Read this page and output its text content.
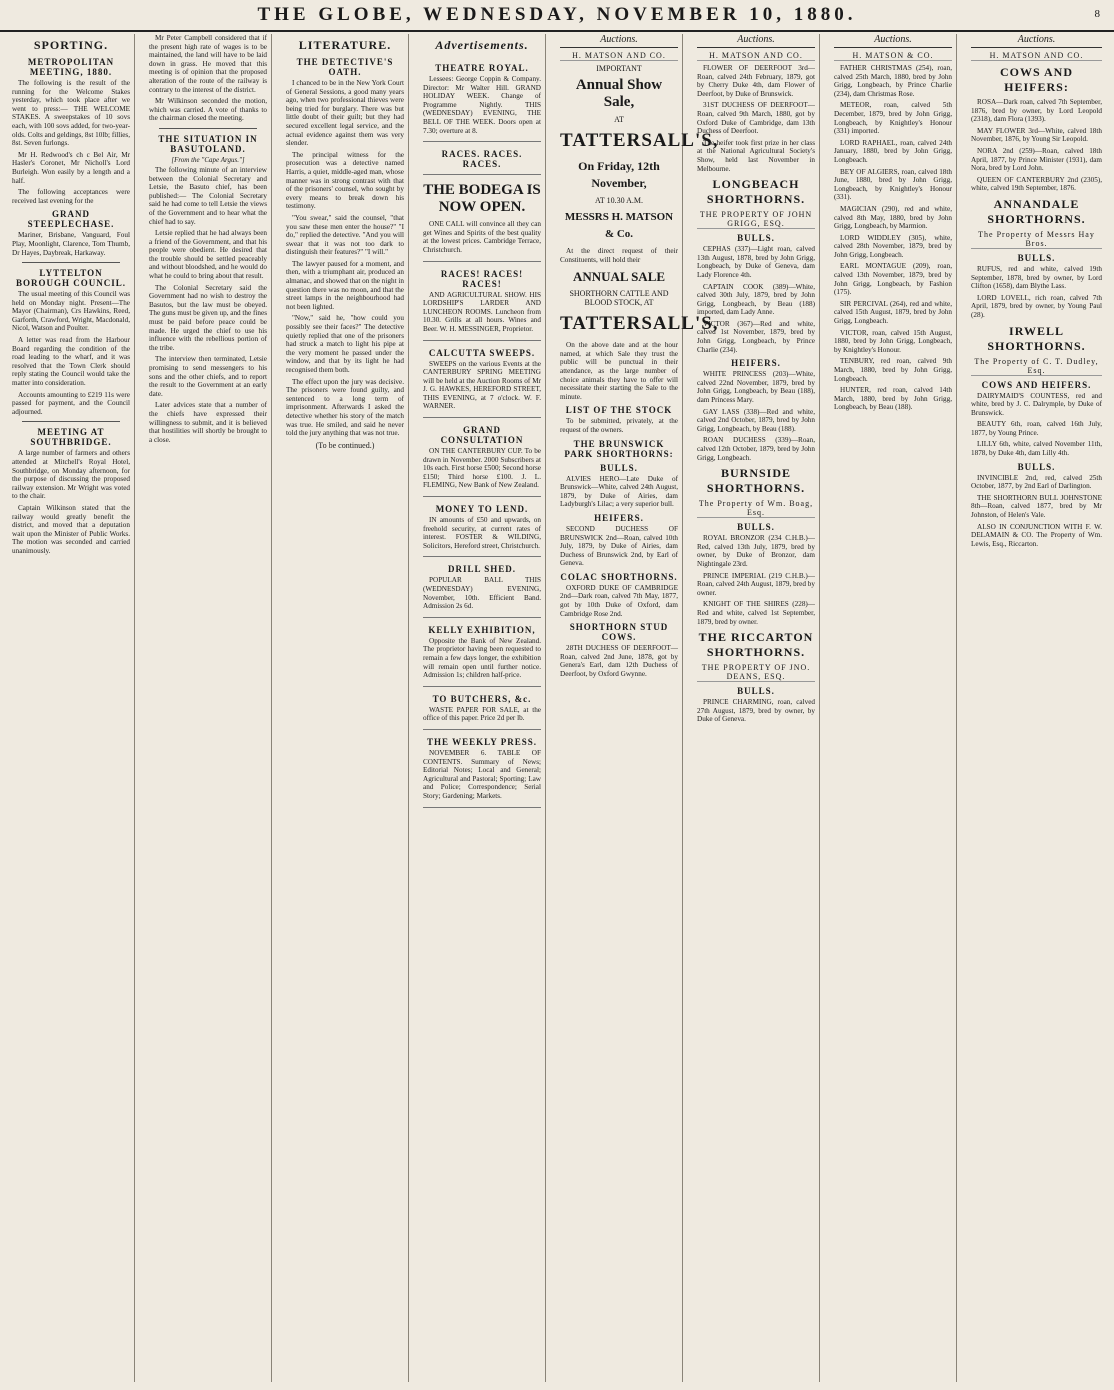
THE GLOBE, WEDNESDAY, NOVEMBER 10, 1880.	8
SPORTING.
METROPOLITAN MEETING, 1880.

The following is the result of the running for the Welcome Stakes yesterday, which took place after we went to press:— THE WELCOME STAKES. A sweepstakes of 10 sovs each, with 100 sovs added, for two-year-olds. Colts and geldings, 8st 10lb; fillies, 8st. Seven furlongs.

Mr H. Redwood's ch c Bel Air, Mr Hasler's Coronet, Mr Nicholl's Lord Burleigh. Won easily by a length and a half.

The following acceptances were received last evening for the

GRAND STEEPLECHASE.

Mariner, Brisbane, Vanguard, Foul Play, Moonlight, Clarence, Tom Thumb, Dr Hayes, Daybreak, Harkaway.

LYTTELTON BOROUGH COUNCIL.

The usual meeting of this Council was held on Monday night. Present—The Mayor (Chairman), Crs Hawkins, Reed, Garforth, Crawford, Wright, Macdonald, Nicol, Watson and Poulter.

A letter was read from the Harbour Board regarding the condition of the road leading to the wharf, and it was resolved that the Town Clerk should reply stating the Council would take the matter into consideration.

Accounts amounting to £219 11s were passed for payment, and the Council adjourned.

MEETING AT SOUTHBRIDGE.

A large number of farmers and others attended at Mitchell's Royal Hotel, Southbridge, on Monday afternoon, for the purpose of discussing the proposed railway extension. Mr Wright was voted to the chair.

Captain Wilkinson stated that the railway would greatly benefit the district, and moved that a deputation wait upon the Minister of Public Works. The motion was seconded and carried unanimously.

Mr Peter Campbell considered that if the present high rate of wages is to be maintained, the land will have to be laid down in grass. He moved that this meeting is of opinion that the proposed alteration of the route of the railway is contrary to the interest of the district.

Mr Wilkinson seconded the motion, which was carried. A vote of thanks to the chairman closed the meeting.

THE SITUATION IN BASUTOLAND.
[From the "Cape Argus."]

The following minute of an interview between the Colonial Secretary and Letsie, the Basuto chief, has been published:— The Colonial Secretary said he had come to tell Letsie the views of the Government and to hear what the chief had to say.

Letsie replied that he had always been a friend of the Government, and that his people were obedient. He desired that the trouble should be settled peaceably and without bloodshed, and he would do what he could to bring about that result.

The Colonial Secretary said the Government had no wish to destroy the Basutos, but the law must be obeyed. The guns must be given up, and the fines must be paid before peace could be made. He urged the chief to use his influence with the rebellious portion of the tribe.

The interview then terminated, Letsie promising to send messengers to his sons and the other chiefs, and to report the result to the Government at an early date.

Later advices state that a number of the chiefs have expressed their willingness to submit, and it is believed that hostilities will shortly be brought to a close.

LITERATURE.
THE DETECTIVE'S OATH.

I chanced to be in the New York Court of General Sessions, a good many years ago, when two professional thieves were being tried for burglary. There was but little doubt of their guilt; but they had secured excellent legal service, and the actual evidence against them was very slender.

The principal witness for the prosecution was a detective named Harris, a quiet, middle-aged man, whose manner was in strong contrast with that of the prisoners' counsel, who sought by every means to break down his testimony.

"You swear," said the counsel, "that you saw these men enter the house?" "I do," replied the detective. "And you will swear that it was not too dark to distinguish their features?" "I will."

The lawyer paused for a moment, and then, with a triumphant air, produced an almanac, and showed that on the night in question there was no moon, and that the street lamps in the neighbourhood had not been lighted.

"Now," said he, "how could you possibly see their faces?" The detective quietly replied that one of the prisoners had struck a match to light his pipe at the very moment he passed under the window, and that by its light he had recognised them both.

The effect upon the jury was decisive. The prisoners were found guilty, and sentenced to a long term of imprisonment. Afterwards I asked the detective whether his story of the match was true. He smiled, and said he never told the jury anything that was not true.

(To be continued.)
Advertisements.
THEATRE ROYAL.

Lessees: George Coppin & Company. Director: Mr Walter Hill. GRAND HOLIDAY WEEK. Change of Programme Nightly. THIS (WEDNESDAY) EVENING, THE BELL OF THE WEEK. Doors open at 7.30; overture at 8.

RACES. RACES. RACES.
THE BODEGA IS NOW OPEN.

ONE CALL will convince all they can get Wines and Spirits of the best quality at the lowest prices. Cambridge Terrace, Christchurch.

RACES! RACES! RACES!

AND AGRICULTURAL SHOW. HIS LORDSHIP'S LARDER AND LUNCHEON ROOMS. Luncheon from 10.30. Grills at all hours. Wines and Beer. W. H. MESSINGER, Proprietor.

CALCUTTA SWEEPS.

SWEEPS on the various Events at the CANTERBURY SPRING MEETING will be held at the Auction Rooms of Mr J. G. HAWKES, HEREFORD STREET, THIS EVENING, at 7 o'clock. W. F. WARNER.

GRAND CONSULTATION

ON THE CANTERBURY CUP. To be drawn in November. 2000 Subscribers at 10s each. First horse £500; Second horse £150; Third horse £100. J. L. FLEMING, New Bank of New Zealand.

MONEY TO LEND.

IN amounts of £50 and upwards, on freehold security, at current rates of interest. FOSTER & WILDING, Solicitors, Hereford street, Christchurch.

DRILL SHED.

POPULAR BALL THIS (WEDNESDAY) EVENING, November, 10th. Efficient Band. Admission 2s 6d.

KELLY EXHIBITION,

Opposite the Bank of New Zealand. The proprietor having been requested to remain a few days longer, the exhibition will remain open until further notice. Admission 1s; children half-price.

TO BUTCHERS, &c.

WASTE PAPER FOR SALE, at the office of this paper. Price 2d per lb.

THE WEEKLY PRESS.

NOVEMBER 6. TABLE OF CONTENTS. Summary of News; Editorial Notes; Local and General; Agricultural and Pastoral; Sporting; Law and Police; Correspondence; Serial Story; Gardening; Markets.

Auctions.
H. MATSON AND CO.
IMPORTANT
Annual Show Sale,
AT
TATTERSALL'S,
On Friday, 12th November,
AT 10.30 A.M.
MESSRS H. MATSON & Co.

At the direct request of their Constituents, will hold their

ANNUAL SALE
SHORTHORN CATTLE AND BLOOD STOCK, AT
TATTERSALL'S,

On the above date and at the hour named, at which Sale they trust the public will be punctual in their attendance, as the large number of choice animals they have to offer will necessitate their starting the Sale to the minute.

LIST OF THE STOCK

To be submitted, privately, at the request of the owners.

THE BRUNSWICK PARK SHORTHORNS:
BULLS.

ALVIES HERO—Late Duke of Brunswick—White, calved 24th August, 1879, by Duke of Airies, dam Ladyburgh's Lilac; a very superior bull.

HEIFERS.

SECOND DUCHESS OF BRUNSWICK 2nd—Roan, calved 10th July, 1879, by Duke of Airies, dam Duchess of Brunswick 2nd, by Earl of Geneva.

COLAC SHORTHORNS.

OXFORD DUKE OF CAMBRIDGE 2nd—Dark roan, calved 7th May, 1877, got by 10th Duke of Oxford, dam Cambridge Rose 2nd.

SHORTHORN STUD COWS.

28TH DUCHESS OF DEERFOOT—Roan, calved 2nd June, 1878, got by Genera's Earl, dam 12th Duchess of Deerfoot, by Oxford Gwynne.

Auctions.
H. MATSON AND CO.

FLOWER OF DEERFOOT 3rd—Roan, calved 24th February, 1879, got by Cherry Duke 4th, dam Flower of Deerfoot, by Duke of Brunswick.

31ST DUCHESS OF DEERFOOT—Roan, calved 9th March, 1880, got by Oxford Duke of Cambridge, dam 13th Duchess of Deerfoot.

The heifer took first prize in her class at the National Agricultural Society's Show, held last November in Melbourne.

LONGBEACH SHORTHORNS.
THE PROPERTY OF JOHN GRIGG, ESQ.
BULLS.

CEPHAS (337)—Light roan, calved 13th August, 1878, bred by John Grigg, Longbeach, by Duke of Geneva, dam Lady Florence 4th.

CAPTAIN COOK (389)—White, calved 30th July, 1879, bred by John Grigg, Longbeach, by Beau (188) imported, dam Lady Anne.

VICTOR (367)—Red and white, calved 1st November, 1879, bred by John Grigg, Longbeach, by Prince Charlie (234).

HEIFERS.

WHITE PRINCESS (203)—White, calved 22nd November, 1879, bred by John Grigg, Longbeach, by Beau (188), dam Princess Mary.

GAY LASS (338)—Red and white, calved 2nd October, 1879, bred by John Grigg, Longbeach, by Beau (188).

ROAN DUCHESS (339)—Roan, calved 12th October, 1879, bred by John Grigg, Longbeach.

BURNSIDE SHORTHORNS.
The Property of Wm. Boag, Esq.
BULLS.

ROYAL BRONZOR (234 C.H.B.)—Red, calved 13th July, 1879, bred by owner, by Duke of Bronzor, dam Nightingale 23rd.

PRINCE IMPERIAL (219 C.H.B.)—Roan, calved 24th August, 1879, bred by owner.

KNIGHT OF THE SHIRES (228)—Red and white, calved 1st September, 1879, bred by owner.

THE RICCARTON SHORTHORNS.
THE PROPERTY OF JNO. DEANS, ESQ.
BULLS.

PRINCE CHARMING, roan, calved 27th August, 1879, bred by owner, by Duke of Geneva.

Auctions.
H. MATSON & CO.

FATHER CHRISTMAS (254), roan, calved 25th March, 1880, bred by John Grigg, Longbeach, by Prince Charlie (234), dam Christmas Rose.

METEOR, roan, calved 5th December, 1879, bred by John Grigg, Longbeach, by Knightley's Honour (331) imported.

LORD RAPHAEL, roan, calved 24th January, 1880, bred by John Grigg, Longbeach.

BEY OF ALGIERS, roan, calved 18th June, 1880, bred by John Grigg, Longbeach, by Knightley's Honour (331).

MAGICIAN (290), red and white, calved 8th May, 1880, bred by John Grigg, Longbeach, by Marmion.

LORD WIDDLEY (305), white, calved 28th November, 1879, bred by John Grigg, Longbeach.

EARL MONTAGUE (209), roan, calved 13th November, 1879, bred by John Grigg, Longbeach, by Fashion (175).

SIR PERCIVAL (264), red and white, calved 15th August, 1879, bred by John Grigg, Longbeach.

VICTOR, roan, calved 15th August, 1880, bred by John Grigg, Longbeach, by Knightley's Honour.

TENBURY, red roan, calved 9th March, 1880, bred by John Grigg, Longbeach.

HUNTER, red roan, calved 14th March, 1880, bred by John Grigg, Longbeach, by Beau (188).

Auctions.
H. MATSON AND CO.
COWS AND HEIFERS:

ROSA—Dark roan, calved 7th September, 1876, bred by owner, by Lord Leopold (2318), dam Flora (1393).

MAY FLOWER 3rd—White, calved 18th November, 1876, by Young Sir Leopold.

NORA 2nd (259)—Roan, calved 18th April, 1877, by Prince Minister (1931), dam Nora, bred by Lord John.

QUEEN OF CANTERBURY 2nd (2305), white, calved 19th September, 1876.

ANNANDALE SHORTHORNS.
The Property of Messrs Hay Bros.
BULLS.

RUFUS, red and white, calved 19th September, 1878, bred by owner, by Lord Clifton (1658), dam Blythe Lass.

LORD LOVELL, rich roan, calved 7th April, 1879, bred by owner, by Young Paul (28).

IRWELL SHORTHORNS.
The Property of C. T. Dudley, Esq.
COWS AND HEIFERS.

DAIRYMAID'S COUNTESS, red and white, bred by J. C. Dalrymple, by Duke of Brunswick.

BEAUTY 6th, roan, calved 16th July, 1877, by Young Prince.

LILLY 6th, white, calved November 11th, 1878, by Duke 4th, dam Lilly 4th.

BULLS.

INVINCIBLE 2nd, red, calved 25th October, 1877, by 2nd Earl of Darlington.

THE SHORTHORN BULL JOHNSTONE 8th—Roan, calved 1877, bred by Mr Johnston, of Helen's Vale.

ALSO IN CONJUNCTION WITH F. W. DELAMAIN & CO. The Property of Wm. Lewis, Esq., Riccarton.
